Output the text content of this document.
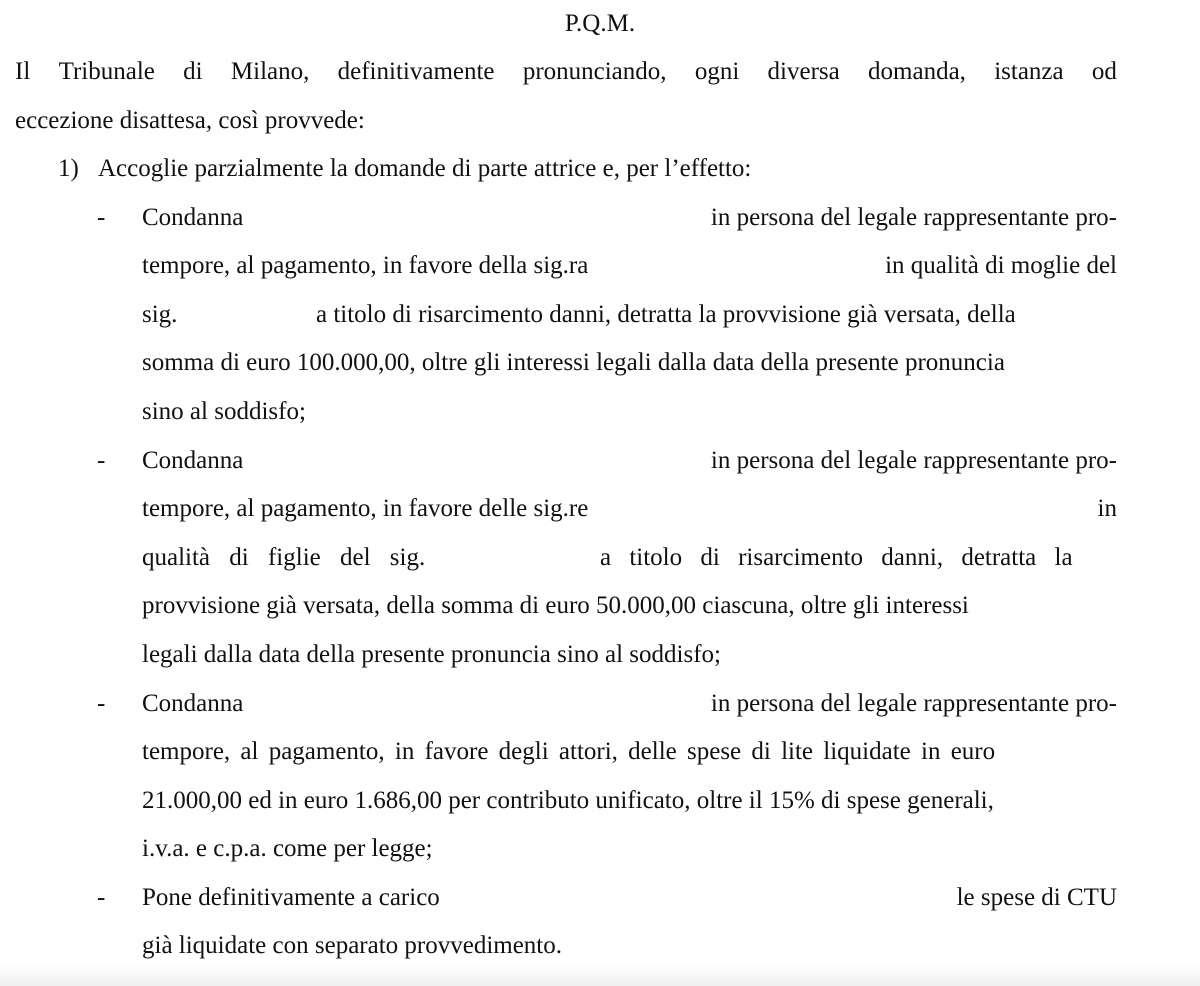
P.Q.M.
Il Tribunale di Milano, definitivamente pronunciando, ogni diversa domanda, istanza od
eccezione disattesa, così provvede:
1) Accoglie parzialmente la domande di parte attrice e, per l’effetto:
- Condanna	in persona del legale rappresentante pro-
tempore, al pagamento, in favore della sig.ra	in qualità di moglie del
sig.	a titolo di risarcimento danni, detratta la provvisione già versata, della
somma di euro 100.000,00, oltre gli interessi legali dalla data della presente pronuncia
sino al soddisfo;
- Condanna	in persona del legale rappresentante pro-
tempore, al pagamento, in favore delle sig.re	in
qualità di figlie del sig.	a titolo di risarcimento danni, detratta la
provvisione già versata, della somma di euro 50.000,00 ciascuna, oltre gli interessi
legali dalla data della presente pronuncia sino al soddisfo;
- Condanna	in persona del legale rappresentante pro-
tempore, al pagamento, in favore degli attori, delle spese di lite liquidate in euro
21.000,00 ed in euro 1.686,00 per contributo unificato, oltre il 15% di spese generali,
i.v.a. e c.p.a. come per legge;
- Pone definitivamente a carico	le spese di CTU
già liquidate con separato provvedimento.
